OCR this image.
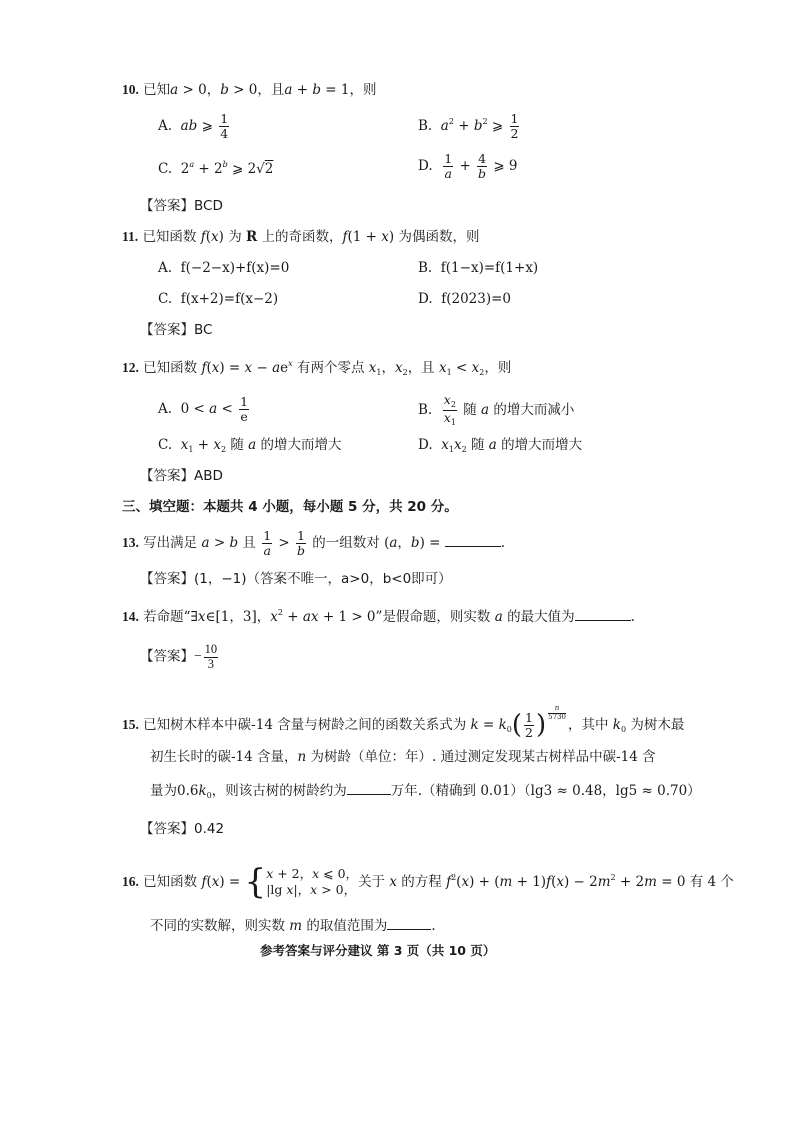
10. 已知a > 0，b > 0，且a + b = 1，则
A.  ab ⩾ $\frac{1}{4}$	B.  $a^2 + b^2$ ⩾ $\frac{1}{2}$
C.  $2^a + 2^b$ ⩾ 2√2	D. $\frac{1}{a} + \frac{4}{b}$ ⩾ 9
【答案】BCD
11. 已知函数 f(x) 为 R 上的奇函数，f(1 + x) 为偶函数，则
A.  f(−2−x)+f(x)=0	B.  f(1−x)=f(1+x)
C.  f(x+2)=f(x−2)	D.  f(2023)=0
【答案】BC
12. 已知函数 $f(x) = x - ae^x$ 有两个零点 $x_1$，$x_2$，且 $x_1 < x_2$，则
A.  $0 < a < \frac{1}{e}$	B. $\frac{x_2}{x_1}$ 随 a 的增大而减小
C.  $x_1 + x_2$ 随 a 的增大而增大	D.  $x_1x_2$ 随 a 的增大而增大
【答案】ABD
三、填空题：本题共 4 小题，每小题 5 分，共 20 分。
13. 写出满足 a > b 且 $\frac{1}{a} > \frac{1}{b}$ 的一组数对 (a，b) =	.
【答案】(1，−1)（答案不唯一，a>0，b<0即可）
14. 若命题“∃x∈[1，3]，$x^2$ + ax + 1 > 0”是假命题，则实数 a 的最大值为	.
【答案】− $\frac{10}{3}$
15. 已知树木样本中碳-14 含量与树龄之间的函数关系式为 $k = k_0( \frac{1}{2}$ ) $^{\frac{n}{5730}}$
，其中 $k_0$ 为树木最
初生长时的碳-14 含量，n 为树龄（单位：年）. 通过测定发现某古树样品中碳-14 含
量为$0.6k_0$，则该古树的树龄约为	万年.（精确到 0.01）（lg3 ≈ 0.48，lg5 ≈ 0.70）
【答案】0.42
16. 已知函数 f(x) = {x + 2，x ⩽ 0，
|lg x|，x > 0， 关于 x 的方程 $f^2(x) + (m + 1)f(x) - 2m^2 + 2m = 0$ 有 4 个
不同的实数解，则实数 m 的取值范围为	.
参考答案与评分建议 第 3 页（共 10 页）
